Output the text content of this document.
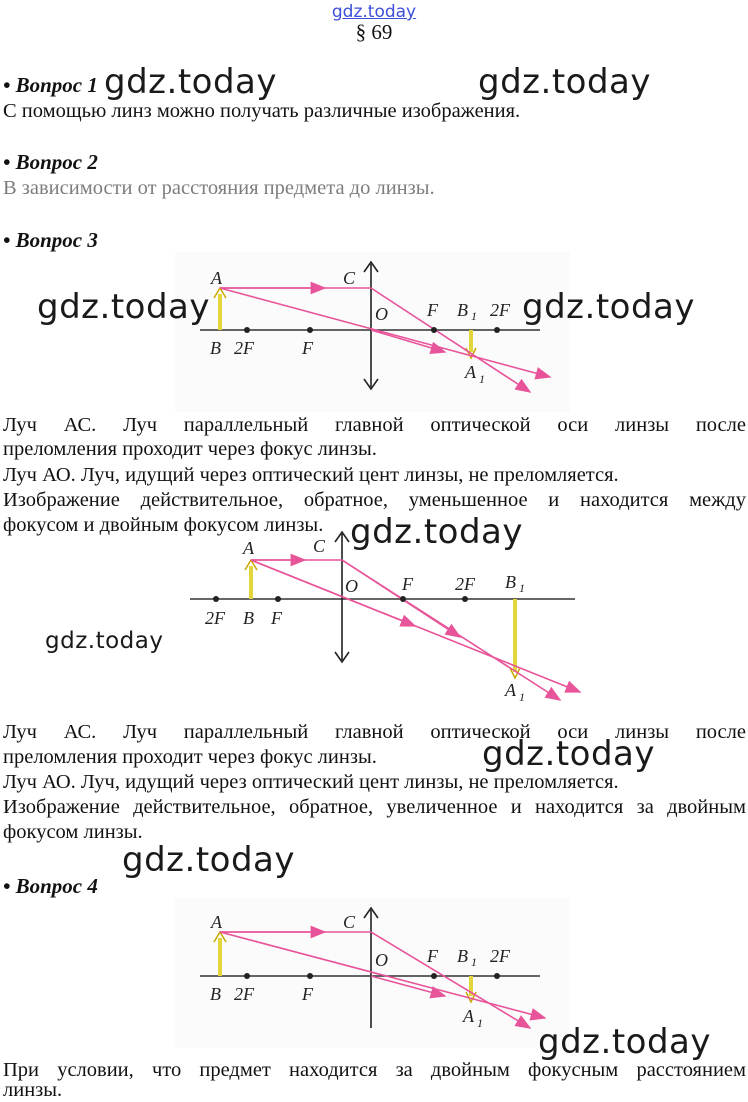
gdz.today
§ 69
• Вопрос 1
С помощью линз можно получать различные изображения.
• Вопрос 2
В зависимости от расстояния предмета до линзы.
• Вопрос 3
A	C
O F B 1 2F
B 2F	F
A 1
Луч АС. Луч параллельный главной оптической оси линзы после
преломления проходит через фокус линзы.
Луч АО. Луч, идущий через оптический цент линзы, не преломляется.
Изображение действительное, обратное, уменьшенное и находится между
фокусом и двойным фокусом линзы.
A	C
O F 2F B 1
2F B F
A 1
Луч АС. Луч параллельный главной оптической оси линзы после
преломления проходит через фокус линзы.
Луч АО. Луч, идущий через оптический цент линзы, не преломляется.
Изображение действительное, обратное, увеличенное и находится за двойным
фокусом линзы.
• Вопрос 4
A	C
O F B 1 2F
B 2F	F
A 1
При условии, что предмет находится за двойным фокусным расстоянием
линзы.
gdz.today	gdz.today
gdz.today	gdz.today
gdz.today
gdz.today
gdz.today
gdz.today
gdz.today
